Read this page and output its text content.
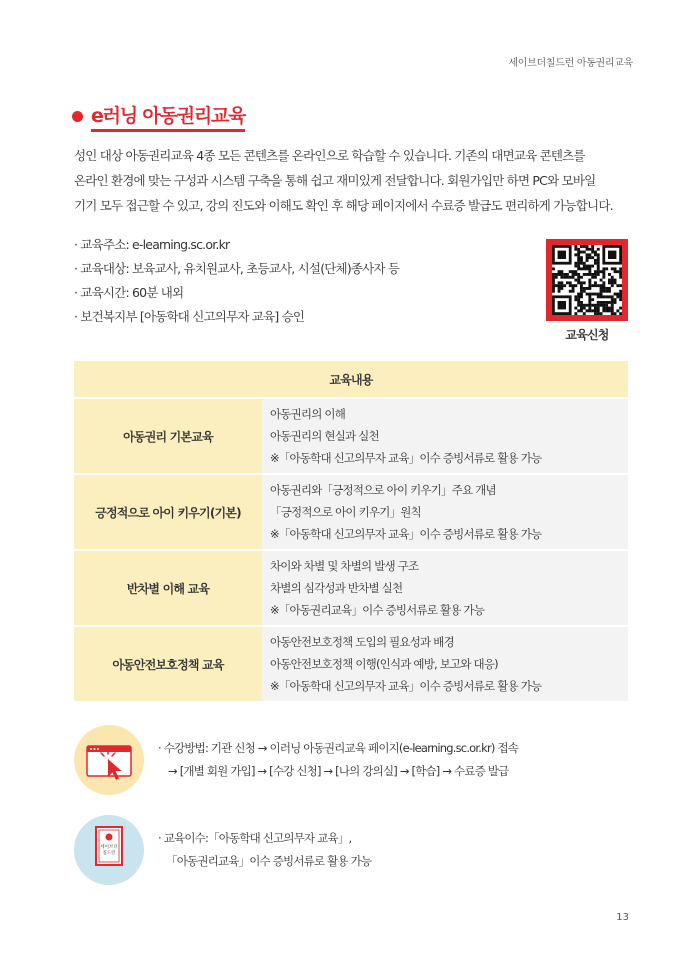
세이브더칠드런 아동권리교육
e러닝 아동권리교육

성인 대상 아동권리교육 4종 모든 콘텐츠를 온라인으로 학습할 수 있습니다. 기존의 대면교육 콘텐츠를

온라인 환경에 맞는 구성과 시스템 구축을 통해 쉽고 재미있게 전달합니다. 회원가입만 하면 PC와 모바일

기기 모두 접근할 수 있고, 강의 진도와 이해도 확인 후 해당 페이지에서 수료증 발급도 편리하게 가능합니다.

· 교육주소: e-learning.sc.or.kr
· 교육대상: 보육교사, 유치원교사, 초등교사, 시설(단체)종사자 등
· 교육시간: 60분 내외
· 보건복지부 [아동학대 신고의무자 교육] 승인
교육신청
교육내용	
아동권리 기본교육	아동권리의 이해
아동권리의 현실과 실천
※「아동학대 신고의무자 교육」이수 증빙서류로 활용 가능

긍정적으로 아이 키우기(기본)	아동권리와「긍정적으로 아이 키우기」주요 개념
「긍정적으로 아이 키우기」원칙
※「아동학대 신고의무자 교육」이수 증빙서류로 활용 가능

반차별 이해 교육	차이와 차별 및 차별의 발생 구조
차별의 심각성과 반차별 실천
※「아동권리교육」이수 증빙서류로 활용 가능

아동안전보호정책 교육	아동안전보호정책 도입의 필요성과 배경
아동안전보호정책 이행(인식과 예방, 보고와 대응)
※「아동학대 신고의무자 교육」이수 증빙서류로 활용 가능
· 수강방법: 기관 신청 → 이러닝 아동권리교육 페이지(e-learning.sc.or.kr) 접속
→ [개별 회원 가입] → [수강 신청] → [나의 강의실] → [학습] → 수료증 발급
세이브더
칠드런
· 교육이수:「아동학대 신고의무자 교육」,
「아동권리교육」이수 증빙서류로 활용 가능
13
